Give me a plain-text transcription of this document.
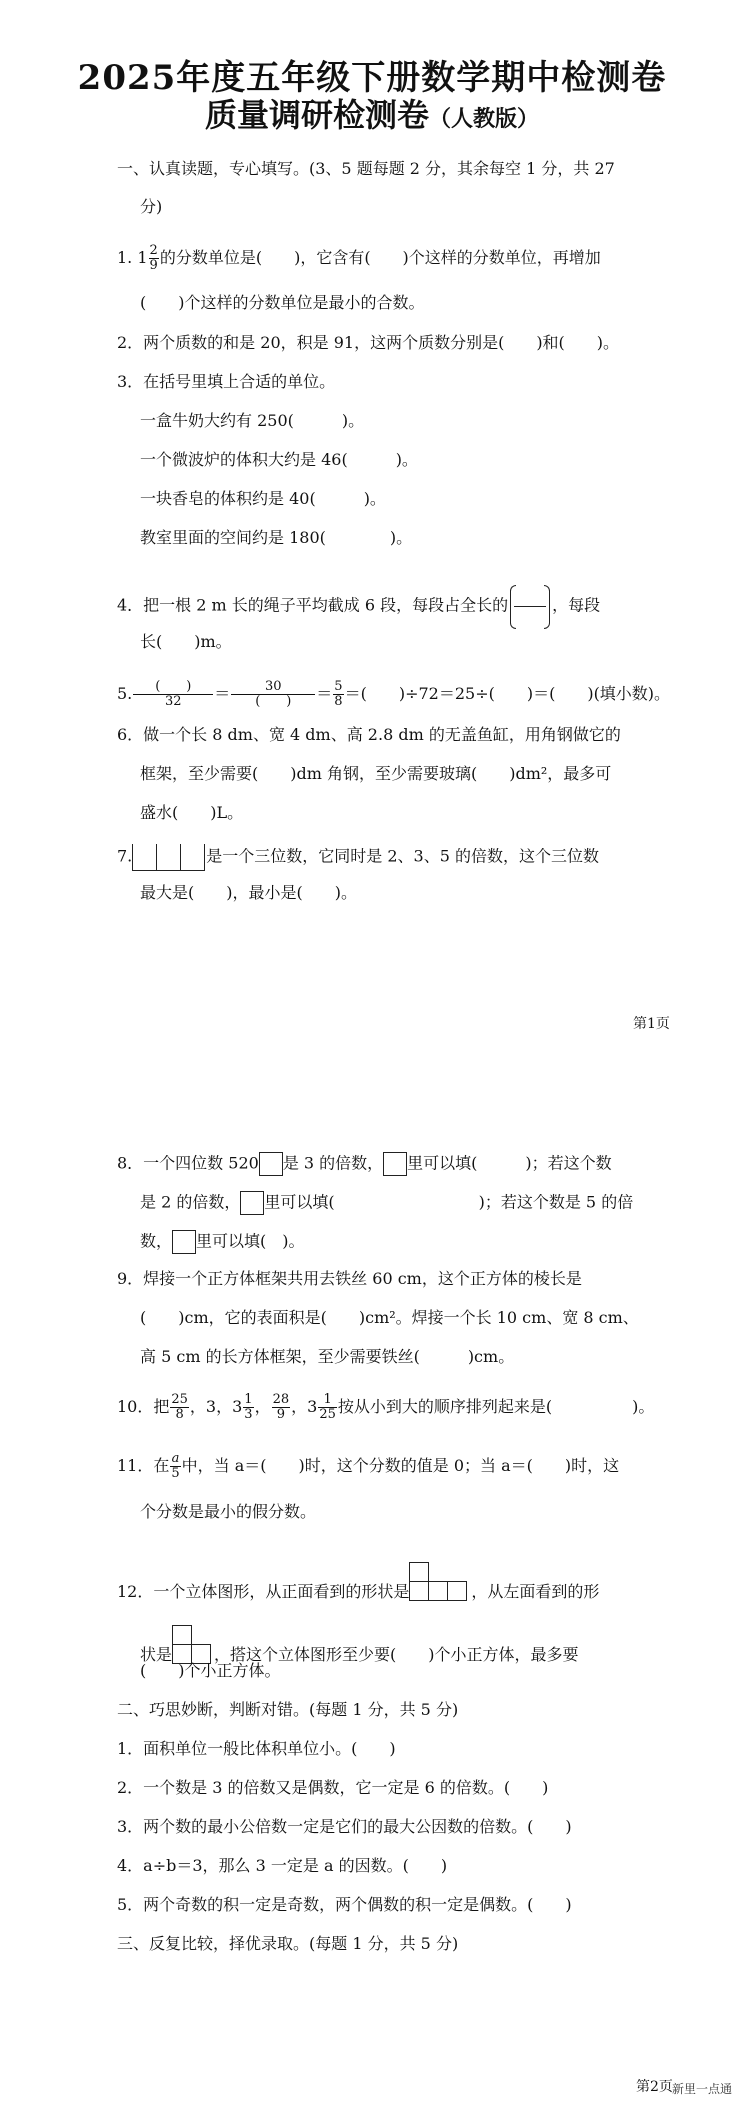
2025年度五年级下册数学期中检测卷
质量调研检测卷（人教版）
一、认真读题，专心填写。(3、5 题每题 2 分，其余每空 1 分，共 27
分)
1. $1 \frac{2}{9}$ 的分数单位是(　　)，它含有(　　)个这样的分数单位，再增加
(　　)个这样的分数单位是最小的合数。
2．两个质数的和是 20，积是 91，这两个质数分别是(　　)和(　　)。
3．在括号里填上合适的单位。
一盒牛奶大约有 250(　　　)。
一个微波炉的体积大约是 46(　　　)。
一块香皂的体积约是 40(　　　)。
教室里面的空间约是 180(　　　　)。
4．把一根 2 m 长的绳子平均截成 6 段，每段占全长的	，每段
长(　　)m。
5. $\frac{( )}{32} = \frac{30}{( )} = \frac{5}{8}$ ＝(　　)÷72＝25÷(　　)＝(　　)(填小数)。
6．做一个长 8 dm、宽 4 dm、高 2.8 dm 的无盖鱼缸，用角钢做它的
框架，至少需要(　　)dm 角钢，至少需要玻璃(　　)dm²，最多可
盛水(　　)L。
7.	是一个三位数，它同时是 2、3、5 的倍数，这个三位数
最大是(　　)，最小是(　　)。
第1页
8．一个四位数 520 是 3 的倍数， 里可以填(　　　)；若这个数
是 2 的倍数， 里可以填(　　　　　　　　　)；若这个数是 5 的倍
数， 里可以填(　)。
9．焊接一个正方体框架共用去铁丝 60 cm，这个正方体的棱长是
(　　)cm，它的表面积是(　　)cm²。焊接一个长 10 cm、宽 8 cm、
高 5 cm 的长方体框架，至少需要铁丝(　　　)cm。
10．把 $\frac{25}{8}$ ，3，$3 \frac{1}{3}$ ， $\frac{28}{9}$ ，$3 \frac{1}{25}$ 按从小到大的顺序排列起来是(　　　　　)。
11．在 $\frac{a}{5}$ 中，当 a＝(　　)时，这个分数的值是 0；当 a＝(　　)时，这
个分数是最小的假分数。
12．一个立体图形，从正面看到的形状是	，从左面看到的形
状是	，搭这个立体图形至少要(　　)个小正方体，最多要
(　　)个小正方体。
二、巧思妙断，判断对错。(每题 1 分，共 5 分)
1．面积单位一般比体积单位小。(　　)
2．一个数是 3 的倍数又是偶数，它一定是 6 的倍数。(　　)
3．两个数的最小公倍数一定是它们的最大公因数的倍数。(　　)
4．a÷b＝3，那么 3 一定是 a 的因数。(　　)
5．两个奇数的积一定是奇数，两个偶数的积一定是偶数。(　　)
三、反复比较，择优录取。(每题 1 分，共 5 分)
第2页 新里一点通
